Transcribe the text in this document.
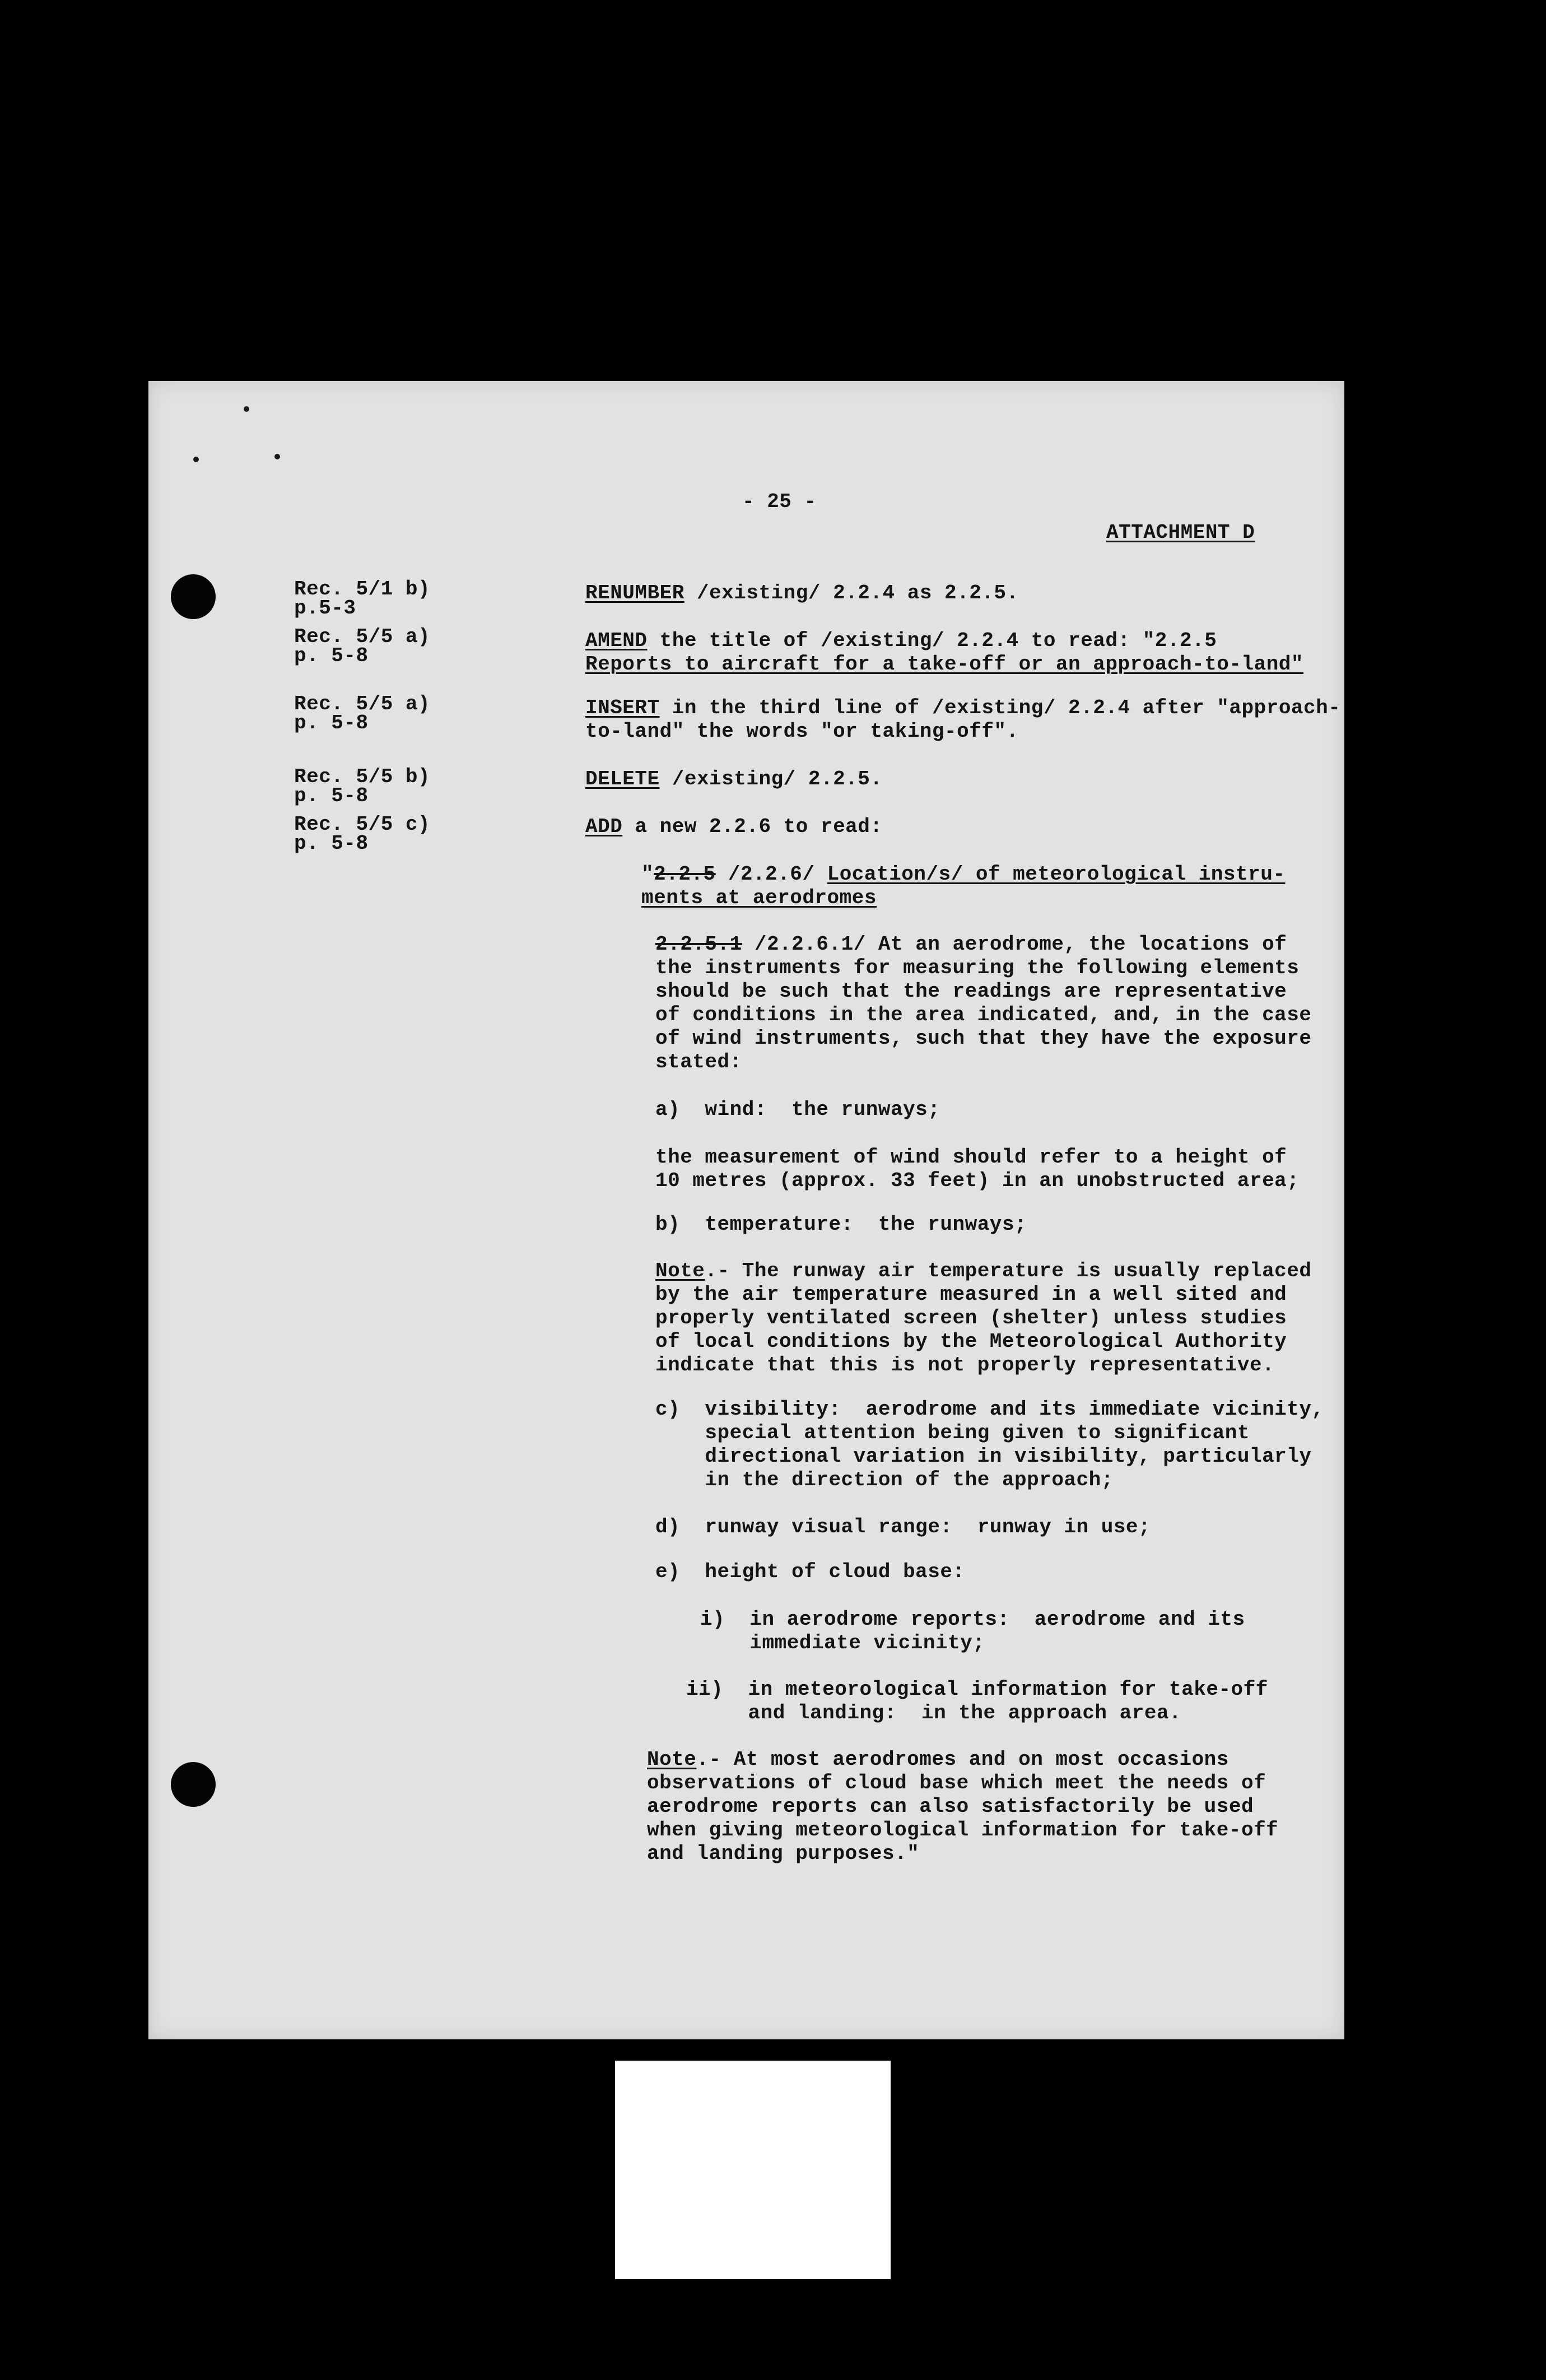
- 25 -
ATTACHMENT D
Rec. 5/1 b)
p.5-3
Rec. 5/5 a)
p. 5-8
Rec. 5/5 a)
p. 5-8
Rec. 5/5 b)
p. 5-8
Rec. 5/5 c)
p. 5-8
RENUMBER /existing/ 2.2.4 as 2.2.5.
AMEND the title of /existing/ 2.2.4 to read: "2.2.5
Reports to aircraft for a take-off or an approach-to-land"
INSERT in the third line of /existing/ 2.2.4 after "approach-
to-land" the words "or taking-off".
DELETE /existing/ 2.2.5.
ADD a new 2.2.6 to read:
"2.2.5 /2.2.6/ Location/s/ of meteorological instru-
ments at aerodromes
2.2.5.1 /2.2.6.1/ At an aerodrome, the locations of
the instruments for measuring the following elements
should be such that the readings are representative
of conditions in the area indicated, and, in the case
of wind instruments, such that they have the exposure
stated:
a)  wind:  the runways;
the measurement of wind should refer to a height of
10 metres (approx. 33 feet) in an unobstructed area;
b)  temperature:  the runways;
Note.- The runway air temperature is usually replaced
by the air temperature measured in a well sited and
properly ventilated screen (shelter) unless studies
of local conditions by the Meteorological Authority
indicate that this is not properly representative.
c)  visibility:  aerodrome and its immediate vicinity,
special attention being given to significant
directional variation in visibility, particularly
in the direction of the approach;
d)  runway visual range:  runway in use;
e)  height of cloud base:
i)  in aerodrome reports:  aerodrome and its
immediate vicinity;
ii)  in meteorological information for take-off
and landing:  in the approach area.
Note.- At most aerodromes and on most occasions
observations of cloud base which meet the needs of
aerodrome reports can also satisfactorily be used
when giving meteorological information for take-off
and landing purposes."
